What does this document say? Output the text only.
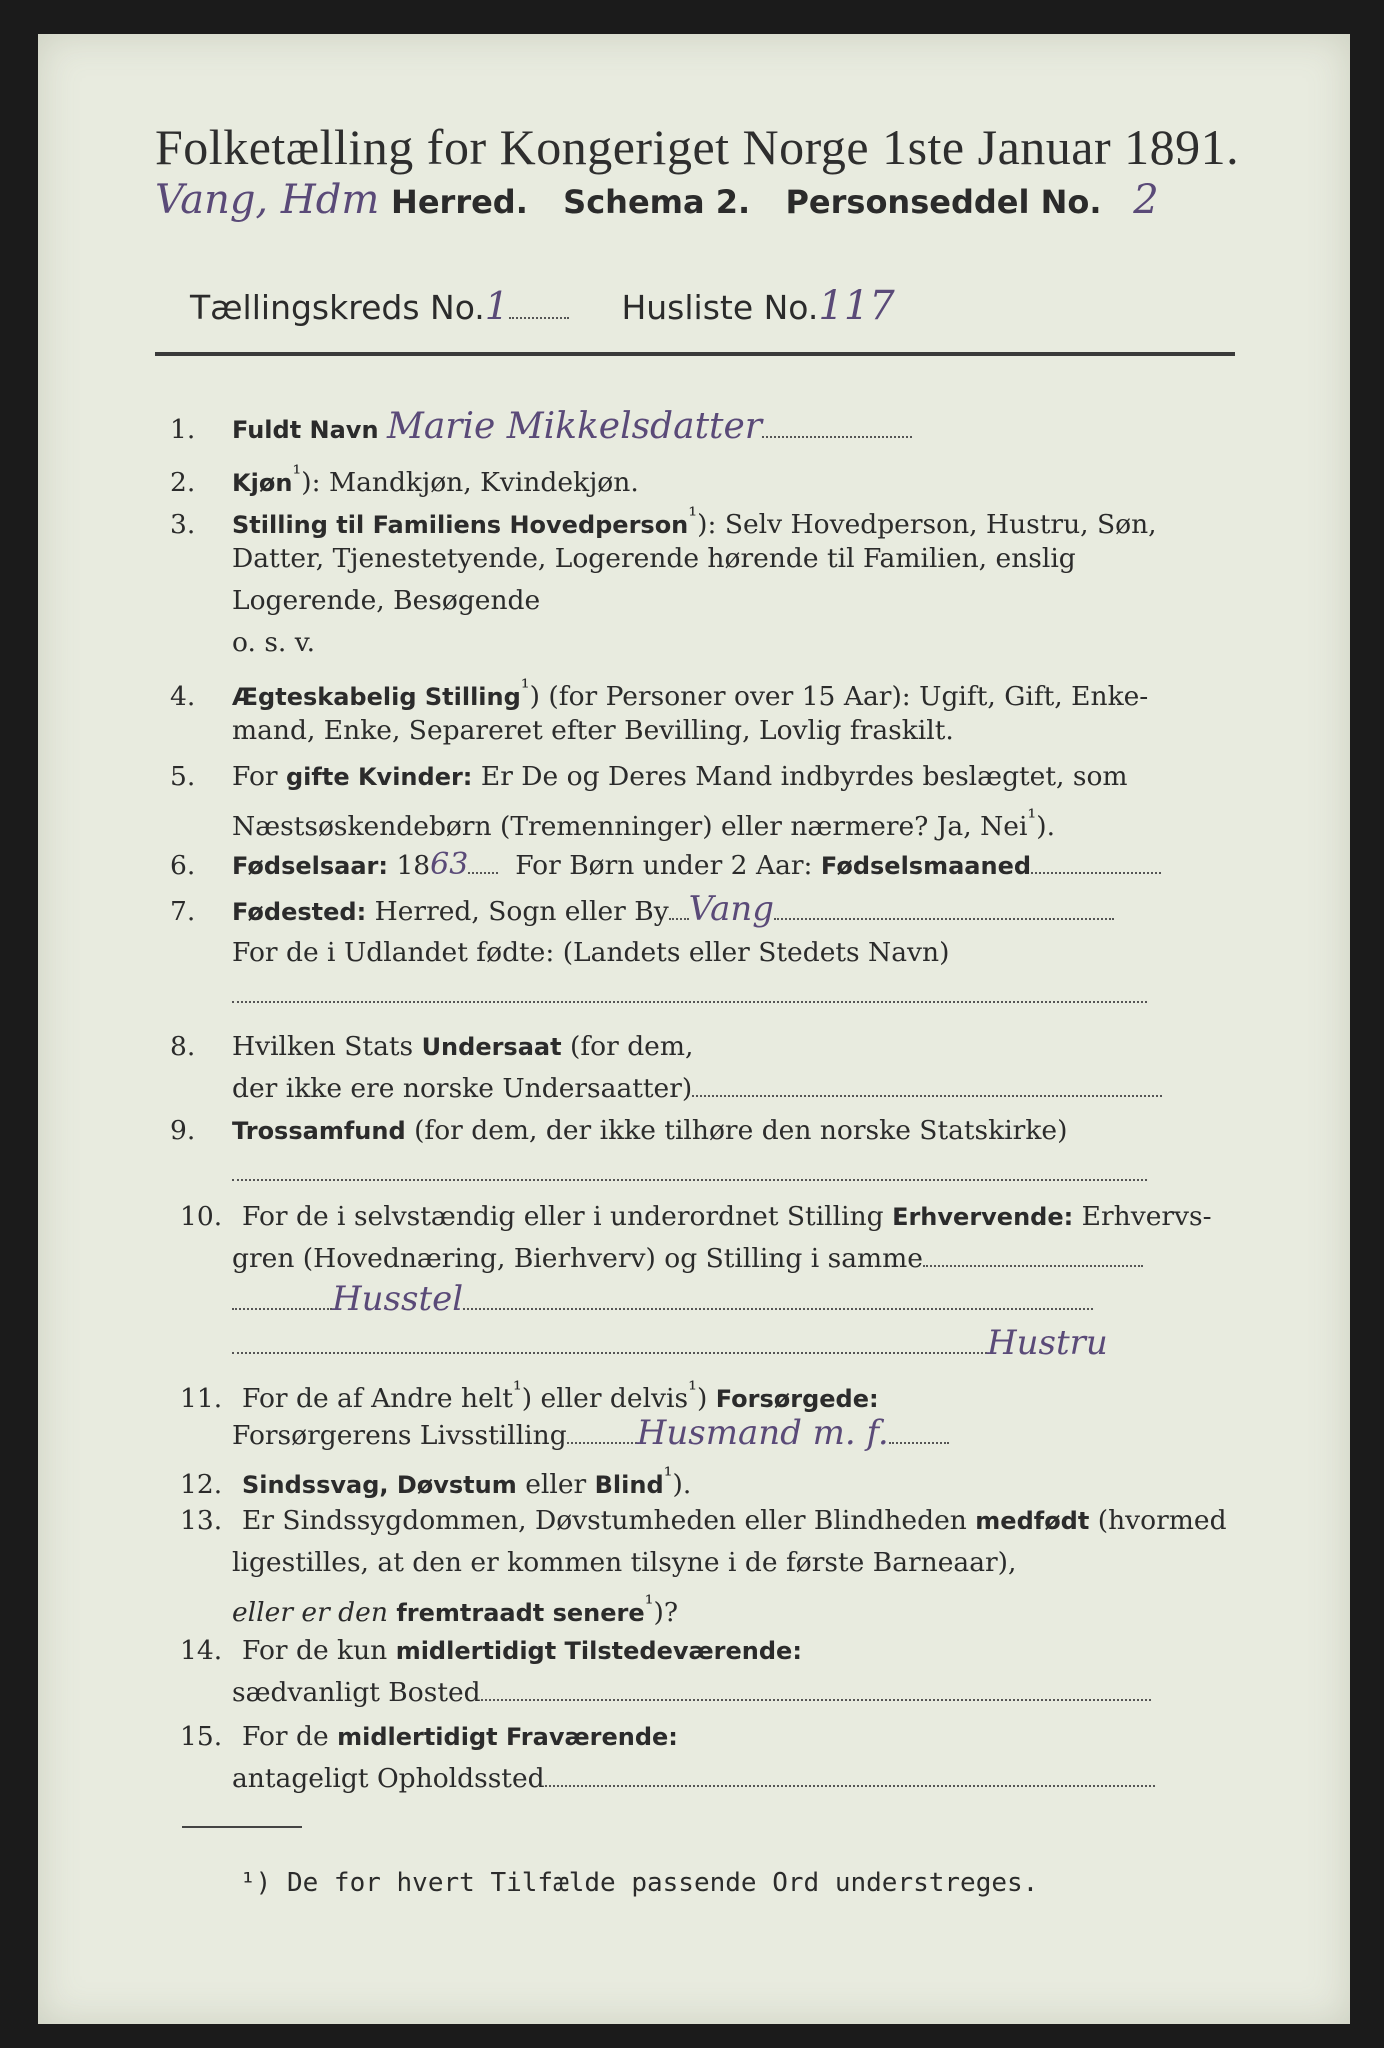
Folketælling for Kongeriget Norge 1ste Januar 1891.
Vang, Hdm Herred. Schema 2. Personseddel No. 2
Tællingskreds No.1	Husliste No.117
1. Fuldt Navn Marie Mikkelsdatter
2. Kjøn$^{^1}$): Mandkjøn, Kvindekjøn.
3. Stilling til Familiens Hovedperson$^{^1}$): Selv Hovedperson, Hustru, Søn,
Datter, Tjenestetyende, Logerende hørende til Familien, enslig
Logerende, Besøgende
o. s. v.
4. Ægteskabelig Stilling$^{^1}$) (for Personer over 15 Aar): Ugift, Gift, Enke-
mand, Enke, Separeret efter Bevilling, Lovlig fraskilt.
5. For gifte Kvinder: Er De og Deres Mand indbyrdes beslægtet, som
Næstsøskendebørn (Tremenninger) eller nærmere? Ja, Nei$^{^1}$).
6. Fødselsaar: 1863 For Børn under 2 Aar: Fødselsmaaned
7. Fødested: Herred, Sogn eller By Vang
For de i Udlandet fødte: (Landets eller Stedets Navn)
8. Hvilken Stats Undersaat (for dem,
der ikke ere norske Undersaatter)
9. Trossamfund (for dem, der ikke tilhøre den norske Statskirke)
10. For de i selvstændig eller i underordnet Stilling Erhvervende: Erhvervs-
gren (Hovednæring, Bierhverv) og Stilling i samme
Husstel
Hustru
11. For de af Andre helt$^{^1}$) eller delvis$^{^1}$) Forsørgede:
Forsørgerens Livsstilling Husmand m. f.
12. Sindssvag, Døvstum eller Blind$^{^1}$).
13. Er Sindssygdommen, Døvstumheden eller Blindheden medfødt (hvormed
ligestilles, at den er kommen tilsyne i de første Barneaar),
eller er den fremtraadt senere$^{^1}$)?
14. For de kun midlertidigt Tilstedeværende:
sædvanligt Bosted
15. For de midlertidigt Fraværende:
antageligt Opholdssted
¹) De for hvert Tilfælde passende Ord understreges.
